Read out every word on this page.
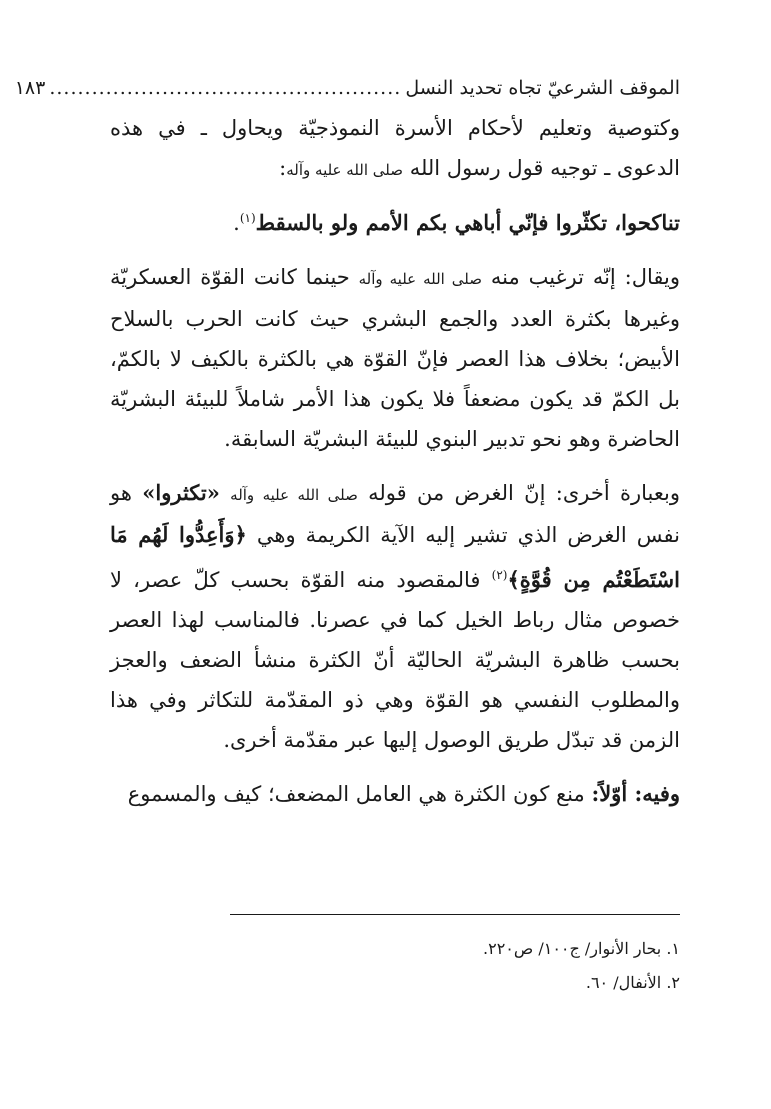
الموقف الشرعيّ تجاه تحديد النسل
..................................................
١٨٣

وكتوصية وتعليم لأحكام الأسرة النموذجيّة ويحاول ـ في هذه الدعوى ـ توجيه قول رسول الله صلى الله عليه وآله:

تناكحوا، تكثّروا فإنّي أباهي بكم الأمم ولو بالسقط$^{(١)}$.

ويقال: إنّه ترغيب منه صلى الله عليه وآله حينما كانت القوّة العسكريّة وغيرها بكثرة العدد والجمع البشري حيث كانت الحرب بالسلاح الأبيض؛ بخلاف هذا العصر فإنّ القوّة هي بالكثرة بالكيف لا بالكمّ، بل الكمّ قد يكون مضعفاً فلا يكون هذا الأمر شاملاً للبيئة البشريّة الحاضرة وهو نحو تدبير البنوي للبيئة البشريّة السابقة.

وبعبارة أخرى: إنّ الغرض من قوله صلى الله عليه وآله «تكثروا» هو نفس الغرض الذي تشير إليه الآية الكريمة وهي ﴿وَأَعِدُّوا لَهُم مَا اسْتَطَعْتُم مِن قُوَّةٍ﴾$^{(٢)}$ فالمقصود منه القوّة بحسب كلّ عصر، لا خصوص مثال رباط الخيل كما في عصرنا. فالمناسب لهذا العصر بحسب ظاهرة البشريّة الحاليّة أنّ الكثرة منشأ الضعف والعجز والمطلوب النفسي هو القوّة وهي ذو المقدّمة للتكاثر وفي هذا الزمن قد تبدّل طريق الوصول إليها عبر مقدّمة أخرى.

وفيه: أوّلاً: منع كون الكثرة هي العامل المضعف؛ كيف والمسموع

١. بحار الأنوار/ ج١٠٠/ ص٢٢٠.
٢. الأنفال/ ٦٠.
